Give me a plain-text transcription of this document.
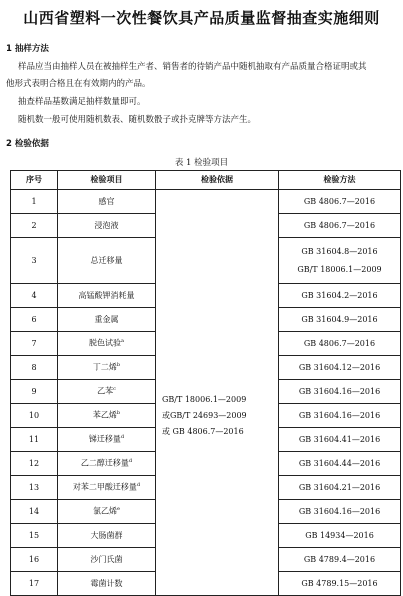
山西省塑料一次性餐饮具产品质量监督抽查实施细则
1 抽样方法
样品应当由抽样人员在被抽样生产者、销售者的待销产品中随机抽取有产品质量合格证明或其
他形式表明合格且在有效期内的产品。
抽查样品基数满足抽样数量即可。
随机数一般可使用随机数表、随机数骰子或扑克牌等方法产生。
2 检验依据
表 1 检验项目
序号	检验项目	检验依据	检验方法
1	感官	GB/T 18006.1—2009
或GB/T 24693—2009
或 GB 4806.7—2016	GB 4806.7—2016

2	浸泡液		GB 4806.7—2016

3	总迁移量		GB 31604.8—2016
GB/T 18006.1—2009

4	高锰酸钾消耗量		GB 31604.2—2016

6	重金属		GB 31604.9—2016

7	脱色试验$^a$		GB 4806.7—2016

8	丁二烯$^b$		GB 31604.12—2016

9	乙苯$^c$		GB 31604.16—2016

10	苯乙烯$^b$		GB 31604.16—2016

11	锑迁移量$^d$		GB 31604.41—2016

12	乙二醇迁移量$^d$		GB 31604.44—2016

13	对苯二甲酸迁移量$^d$		GB 31604.21—2016

14	氯乙烯$^e$		GB 31604.16—2016

15	大肠菌群		GB 14934—2016

16	沙门氏菌		GB 4789.4—2016

17	霉菌计数		GB 4789.15—2016
